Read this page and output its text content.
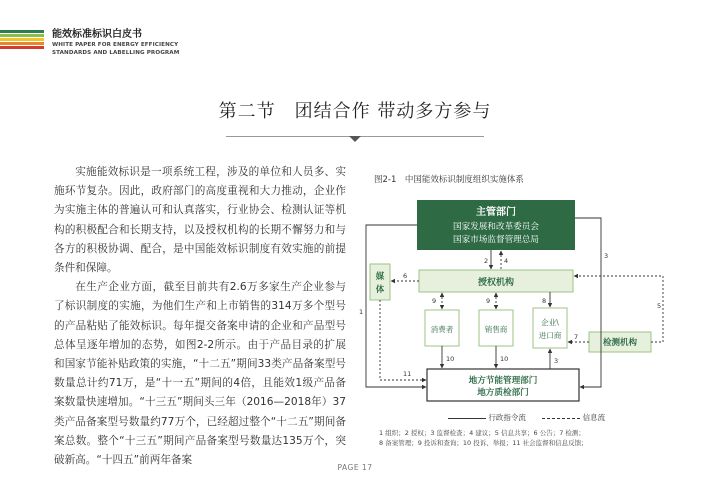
能效标准标识白皮书
WHITE PAPER FOR ENERGY EFFICIENCY
STANDARDS AND LABELLING PROGRAM
第二节　团结合作 带动多方参与

实施能效标识是一项系统工程，涉及的单位和人员多、实施环节复杂。因此，政府部门的高度重视和大力推动，企业作为实施主体的普遍认可和认真落实，行业协会、检测认证等机构的积极配合和长期支持，以及授权机构的长期不懈努力和与各方的积极协调、配合，是中国能效标识制度有效实施的前提条件和保障。

在生产企业方面，截至目前共有2.6万多家生产企业参与了标识制度的实施，为他们生产和上市销售的314万多个型号的产品粘贴了能效标识。每年提交备案申请的企业和产品型号总体呈逐年增加的态势，如图2-2所示。由于产品目录的扩展和国家节能补贴政策的实施，“十二五”期间33类产品备案型号数量总计约71万，是“十一五”期间的4倍，且能效1级产品备案数量快速增加。“十三五”期间头三年（2016—2018年）37类产品备案型号数量约77万个，已经超过整个“十二五”期间备案总数。整个“十三五”期间产品备案型号数量达135万个，突破新高。“十四五”前两年备案

图2-1　中国能效标识制度组织实施体系
主管部门
国家发展和改革委员会
国家市场监督管理总局
授权机构
媒
体
消费者	销售商
企业\
进口商
检测机构
地方节能管理部门
地方质检部门
1
2
3
4
5
6
7
8
9	9
10	10
11
3
行政指令流	信息流
1 组织；2 授权；3 监督检查；4 建议；5 信息共享；6 公告；7 检测；
8 备案管理；9 投诉和查询；10 投诉、举报；11 社会监督和信息反馈；
PAGE 17
